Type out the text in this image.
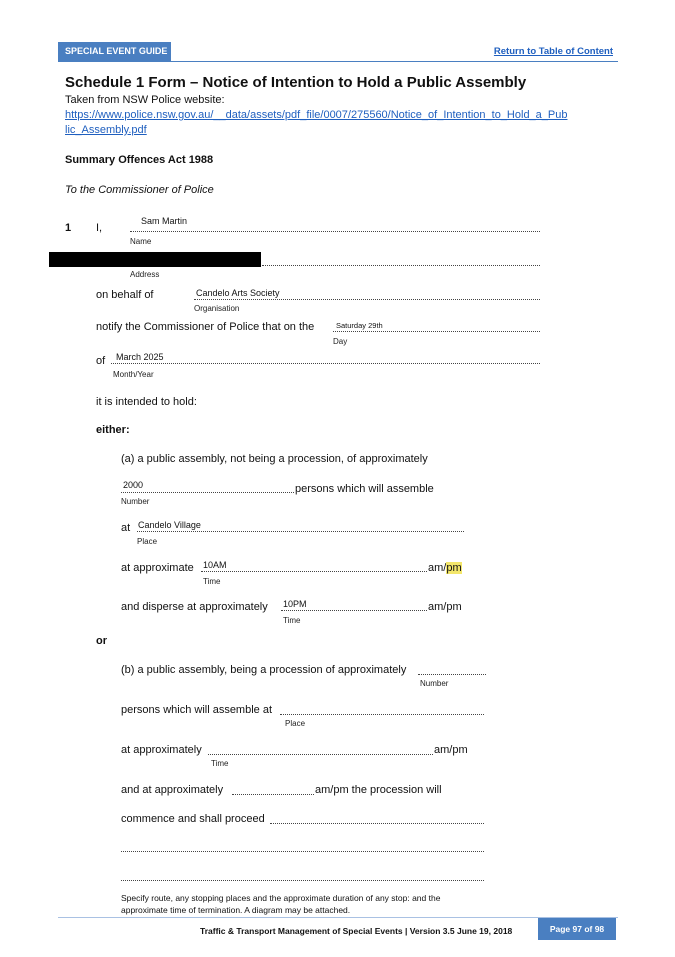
SPECIAL EVENT GUIDE	Return to Table of Content
Schedule 1 Form – Notice of Intention to Hold a Public Assembly
Taken from NSW Police website:
https://www.police.nsw.gov.au/__data/assets/pdf_file/0007/275560/Notice_of_Intention_to_Hold_a_Pub
lic_Assembly.pdf
Summary Offences Act 1988
To the Commissioner of Police
1 I,
Sam Martin
Name
Address
on behalf of	Candelo Arts Society
Organisation
notify the Commissioner of Police that on the	Saturday 29th
Day
of March 2025
Month/Year
it is intended to hold:
either:
(a) a public assembly, not being a procession, of approximately
2000	persons which will assemble
Number
at Candelo Village
Place
at approximate 10AM	am/pm
Time
and disperse at approximately 10PM	am/pm
Time
or
(b) a public assembly, being a procession of approximately
Number
persons which will assemble at
Place
at approximately	am/pm
Time
and at approximately	am/pm the procession will
commence and shall proceed
Specify route, any stopping places and the approximate duration of any stop: and the
approximate time of termination. A diagram may be attached.
Traffic & Transport Management of Special Events | Version 3.5 June 19, 2018	Page 97 of 98
